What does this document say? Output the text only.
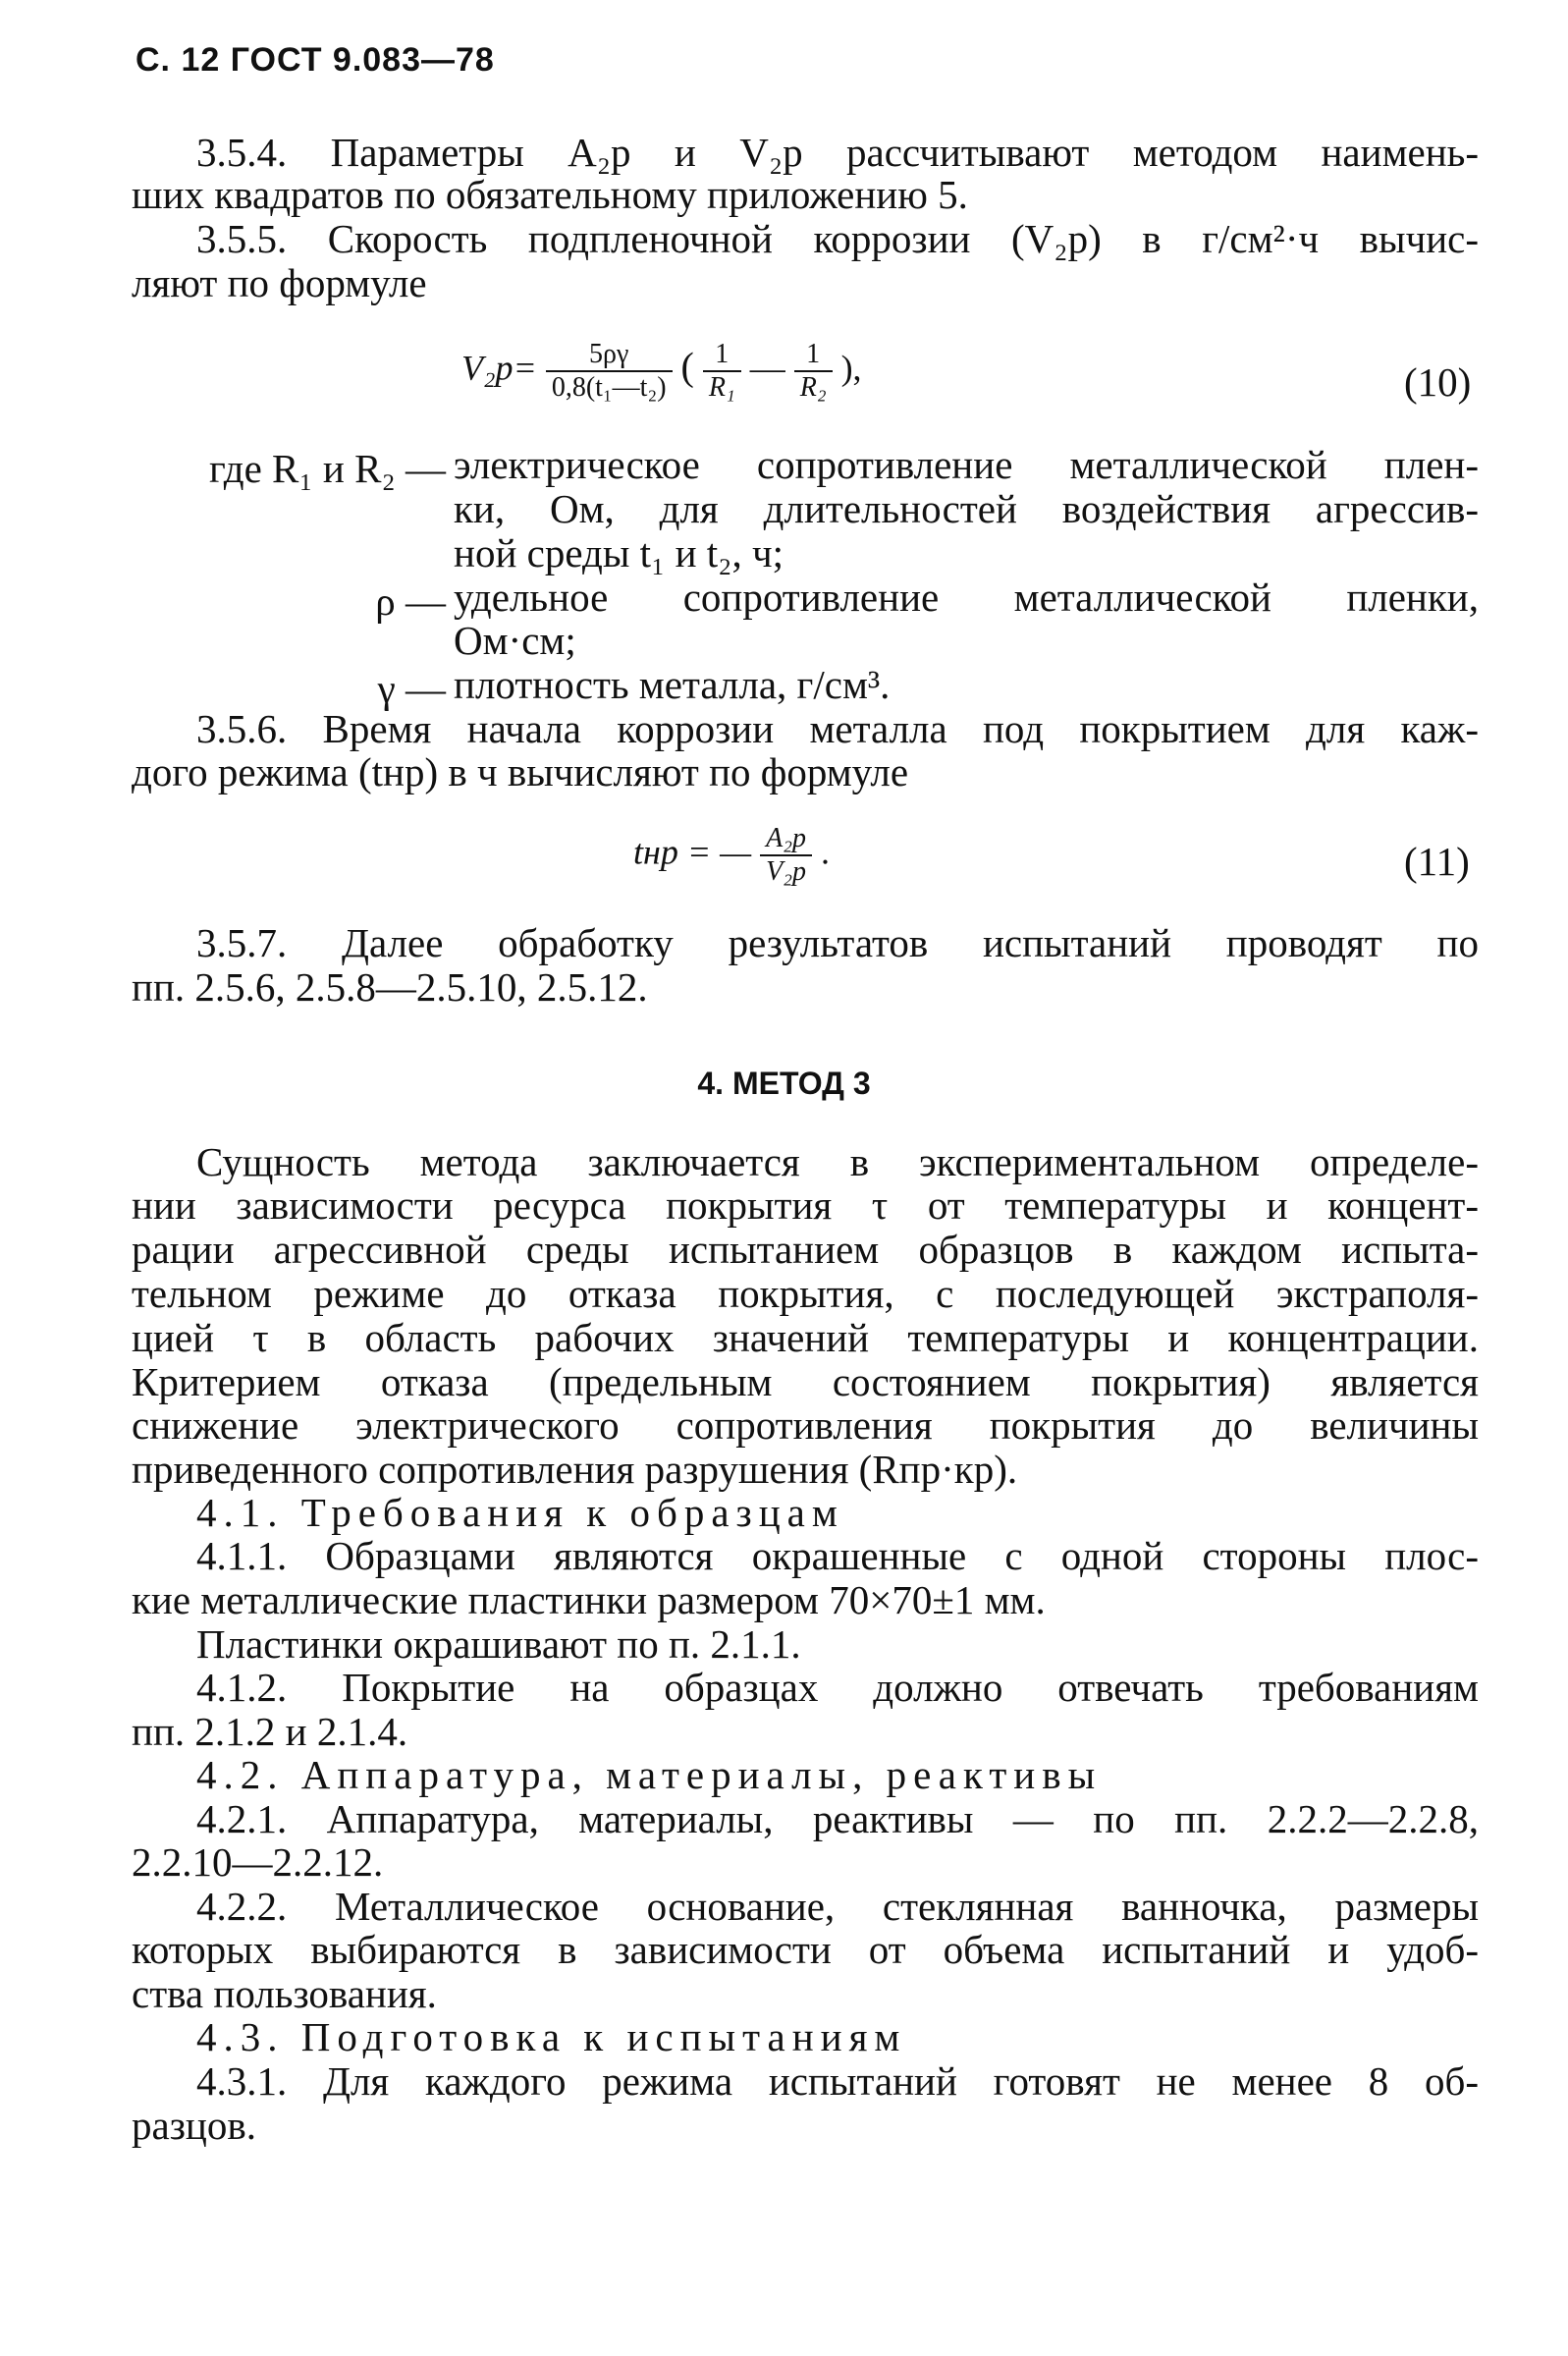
С. 12 ГОСТ 9.083—78
3.5.4. Параметры A₂р и V₂р рассчитывают методом наимень-
ших квадратов по обязательному приложению 5.
3.5.5. Скорость подпленочной коррозии (V₂р) в г/см²·ч вычис-
ляют по формуле
$V_2р= \frac{5\rho\gamma}{\text{0,8(t₁—t₂)}}$ ( $\frac{1}{\text{R₁}}$ — $\frac{1}{\text{R₂}}$ ),	(10)
где R₁ и R₂ — электрическое сопротивление металлической плен-
ки, Ом, для длительностей воздействия агрессив-
ной среды t₁ и t₂, ч;
ρ — удельное сопротивление металлической пленки,
Ом·см;
γ — плотность металла, г/см³.
3.5.6. Время начала коррозии металла под покрытием для каж-
дого режима (tнр) в ч вычисляют по формуле
tнр = — $\frac{\text{A₂р}}{\text{V₂р}}$ .	(11)
3.5.7. Далее обработку результатов испытаний проводят по
пп. 2.5.6, 2.5.8—2.5.10, 2.5.12.
4. МЕТОД 3
Сущность метода заключается в экспериментальном определе-
нии зависимости ресурса покрытия τ от температуры и концент-
рации агрессивной среды испытанием образцов в каждом испыта-
тельном режиме до отказа покрытия, с последующей экстраполя-
цией τ в область рабочих значений температуры и концентрации.
Критерием отказа (предельным состоянием покрытия) является
снижение электрического сопротивления покрытия до величины
приведенного сопротивления разрушения (Rпр·кр).
4.1. Требования к образцам
4.1.1. Образцами являются окрашенные с одной стороны плос-
кие металлические пластинки размером 70×70±1 мм.
Пластинки окрашивают по п. 2.1.1.
4.1.2. Покрытие на образцах должно отвечать требованиям
пп. 2.1.2 и 2.1.4.
4.2. Аппаратура, материалы, реактивы
4.2.1. Аппаратура, материалы, реактивы — по пп. 2.2.2—2.2.8,
2.2.10—2.2.12.
4.2.2. Металлическое основание, стеклянная ванночка, размеры
которых выбираются в зависимости от объема испытаний и удоб-
ства пользования.
4.3. Подготовка к испытаниям
4.3.1. Для каждого режима испытаний готовят не менее 8 об-
разцов.
